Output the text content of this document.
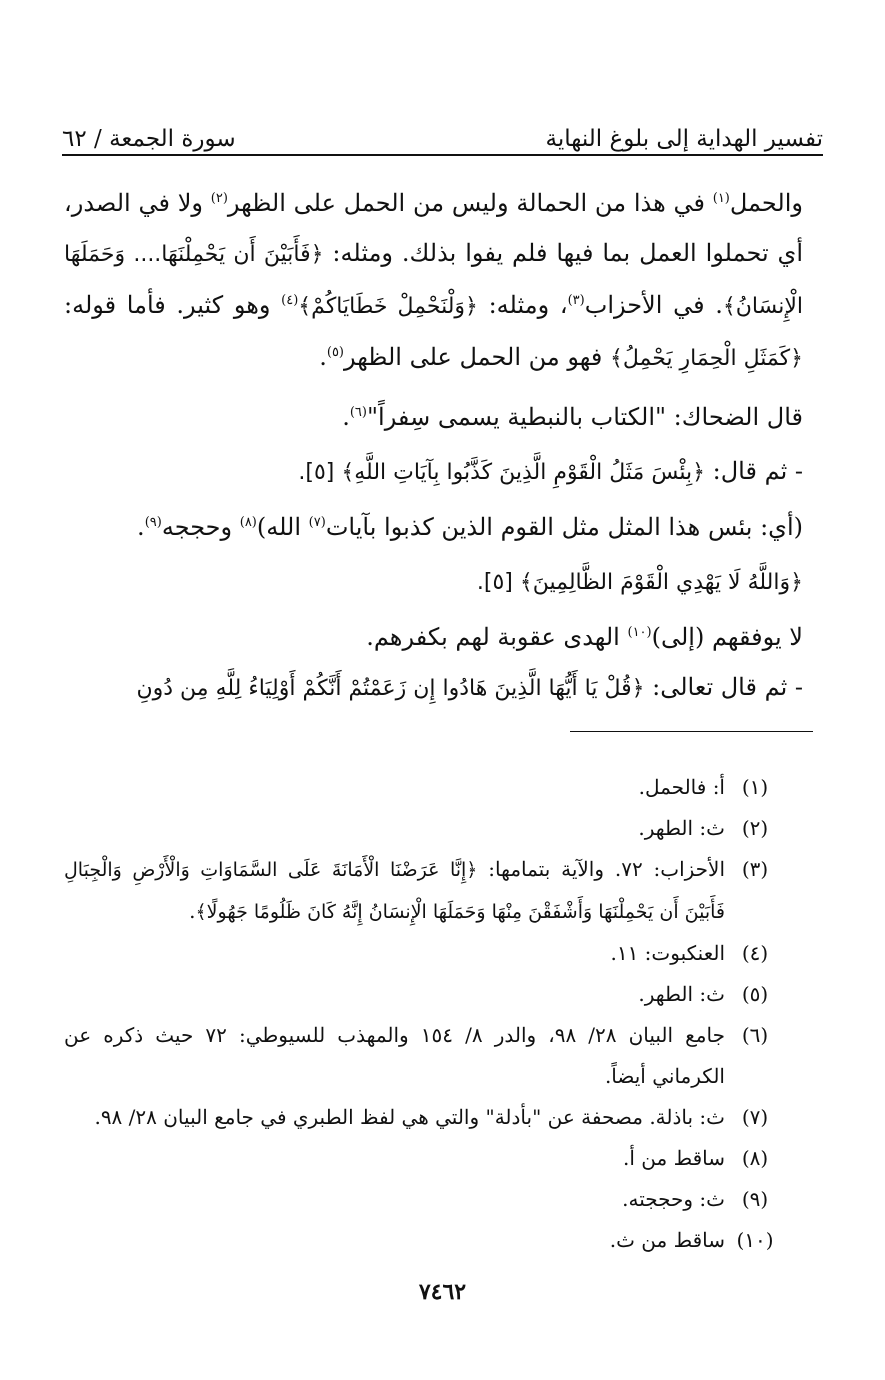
تفسير الهداية إلى بلوغ النهاية
سورة الجمعة / ٦٢

والحمل$^{(١)}$ في هذا من الحمالة وليس من الحمل على الظهر$^{(٢)}$ ولا في الصدر، أي تحملوا العمل بما فيها فلم يفوا بذلك. ومثله: ﴿فَأَبَيْنَ أَن يَحْمِلْنَهَا.... وَحَمَلَهَا الْإِنسَانُ﴾. في الأحزاب$^{(٣)}$، ومثله: ﴿وَلْنَحْمِلْ خَطَايَاكُمْ﴾$^{(٤)}$ وهو كثير. فأما قوله: ﴿كَمَثَلِ الْحِمَارِ يَحْمِلُ﴾ فهو من الحمل على الظهر$^{(٥)}$.

قال الضحاك: "الكتاب بالنبطية يسمى سِفراً"$^{(٦)}$.

- ثم قال: ﴿بِئْسَ مَثَلُ الْقَوْمِ الَّذِينَ كَذَّبُوا بِآيَاتِ اللَّهِ﴾ [٥].

(أي: بئس هذا المثل مثل القوم الذين كذبوا بآيات$^{(٧)}$ الله)$^{(٨)}$ وحججه$^{(٩)}$.

﴿وَاللَّهُ لَا يَهْدِي الْقَوْمَ الظَّالِمِينَ﴾ [٥].

لا يوفقهم (إلى)$^{(١٠)}$ الهدى عقوبة لهم بكفرهم.

- ثم قال تعالى: ﴿قُلْ يَا أَيُّهَا الَّذِينَ هَادُوا إِن زَعَمْتُمْ أَنَّكُمْ أَوْلِيَاءُ لِلَّهِ مِن دُونِ

(١)
أ: فالحمل.

(٢)
ث: الطهر.

(٣)
الأحزاب: ٧٢. والآية بتمامها: ﴿إِنَّا عَرَضْنَا الْأَمَانَةَ عَلَى السَّمَاوَاتِ وَالْأَرْضِ وَالْجِبَالِ فَأَبَيْنَ أَن يَحْمِلْنَهَا وَأَشْفَقْنَ مِنْهَا وَحَمَلَهَا الْإِنسَانُ إِنَّهُ كَانَ ظَلُومًا جَهُولًا﴾.

(٤)
العنكبوت: ١١.

(٥)
ث: الطهر.

(٦)
جامع البيان ٢٨/ ٩٨، والدر ٨/ ١٥٤ والمهذب للسيوطي: ٧٢ حيث ذكره عن الكرماني أيضاً.

(٧)
ث: باذلة. مصحفة عن "بأدلة" والتي هي لفظ الطبري في جامع البيان ٢٨/ ٩٨.

(٨)
ساقط من أ.

(٩)
ث: وحججته.

(١٠)
ساقط من ث.

٧٤٦٢
